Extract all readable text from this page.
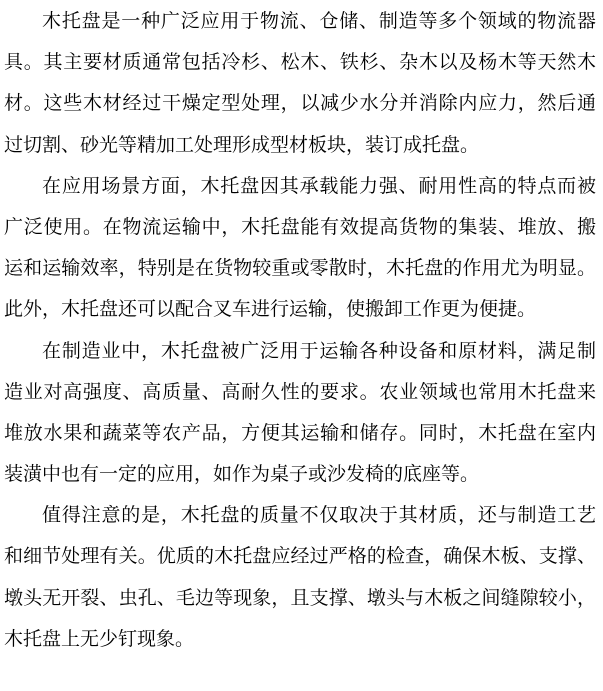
木托盘是一种广泛应用于物流、仓储、制造等多个领域的物流器
具。其主要材质通常包括冷杉、松木、铁杉、杂木以及杨木等天然木
材。这些木材经过干燥定型处理，以减少水分并消除内应力，然后通
过切割、砂光等精加工处理形成型材板块，装订成托盘。
在应用场景方面，木托盘因其承载能力强、耐用性高的特点而被
广泛使用。在物流运输中，木托盘能有效提高货物的集装、堆放、搬
运和运输效率，特别是在货物较重或零散时，木托盘的作用尤为明显。
此外，木托盘还可以配合叉车进行运输，使搬卸工作更为便捷。
在制造业中，木托盘被广泛用于运输各种设备和原材料，满足制
造业对高强度、高质量、高耐久性的要求。农业领域也常用木托盘来
堆放水果和蔬菜等农产品，方便其运输和储存。同时，木托盘在室内
装潢中也有一定的应用，如作为桌子或沙发椅的底座等。
值得注意的是，木托盘的质量不仅取决于其材质，还与制造工艺
和细节处理有关。优质的木托盘应经过严格的检查，确保木板、支撑、
墩头无开裂、虫孔、毛边等现象，且支撑、墩头与木板之间缝隙较小，
木托盘上无少钉现象。
